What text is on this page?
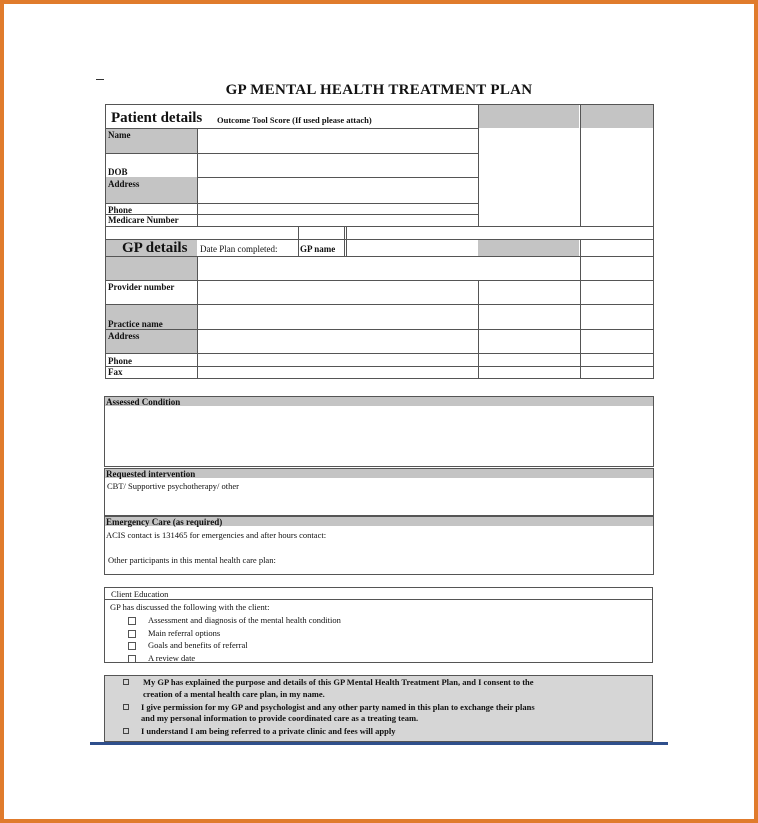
GP MENTAL HEALTH TREATMENT PLAN
Patient details Outcome Tool Score (If used please attach)
Name
DOB
Address
Phone
Medicare Number
GP details Date Plan completed:	GP name
Provider number
Practice name
Address
Phone
Fax
Assessed Condition
Requested intervention
CBT/ Supportive psychotherapy/ other
Emergency Care (as required)
ACIS contact is 131465 for emergencies and after hours contact:
Other participants in this mental health care plan:
Client Education
GP has discussed the following with the client:
Assessment and diagnosis of the mental health condition
Main referral options
Goals and benefits of referral
A review date
My GP has explained the purpose and details of this GP Mental Health Treatment Plan, and I consent to the
creation of a mental health care plan, in my name.
I give permission for my GP and psychologist and any other party named in this plan to exchange their plans
and my personal information to provide coordinated care as a treating team.
I understand I am being referred to a private clinic and fees will apply
